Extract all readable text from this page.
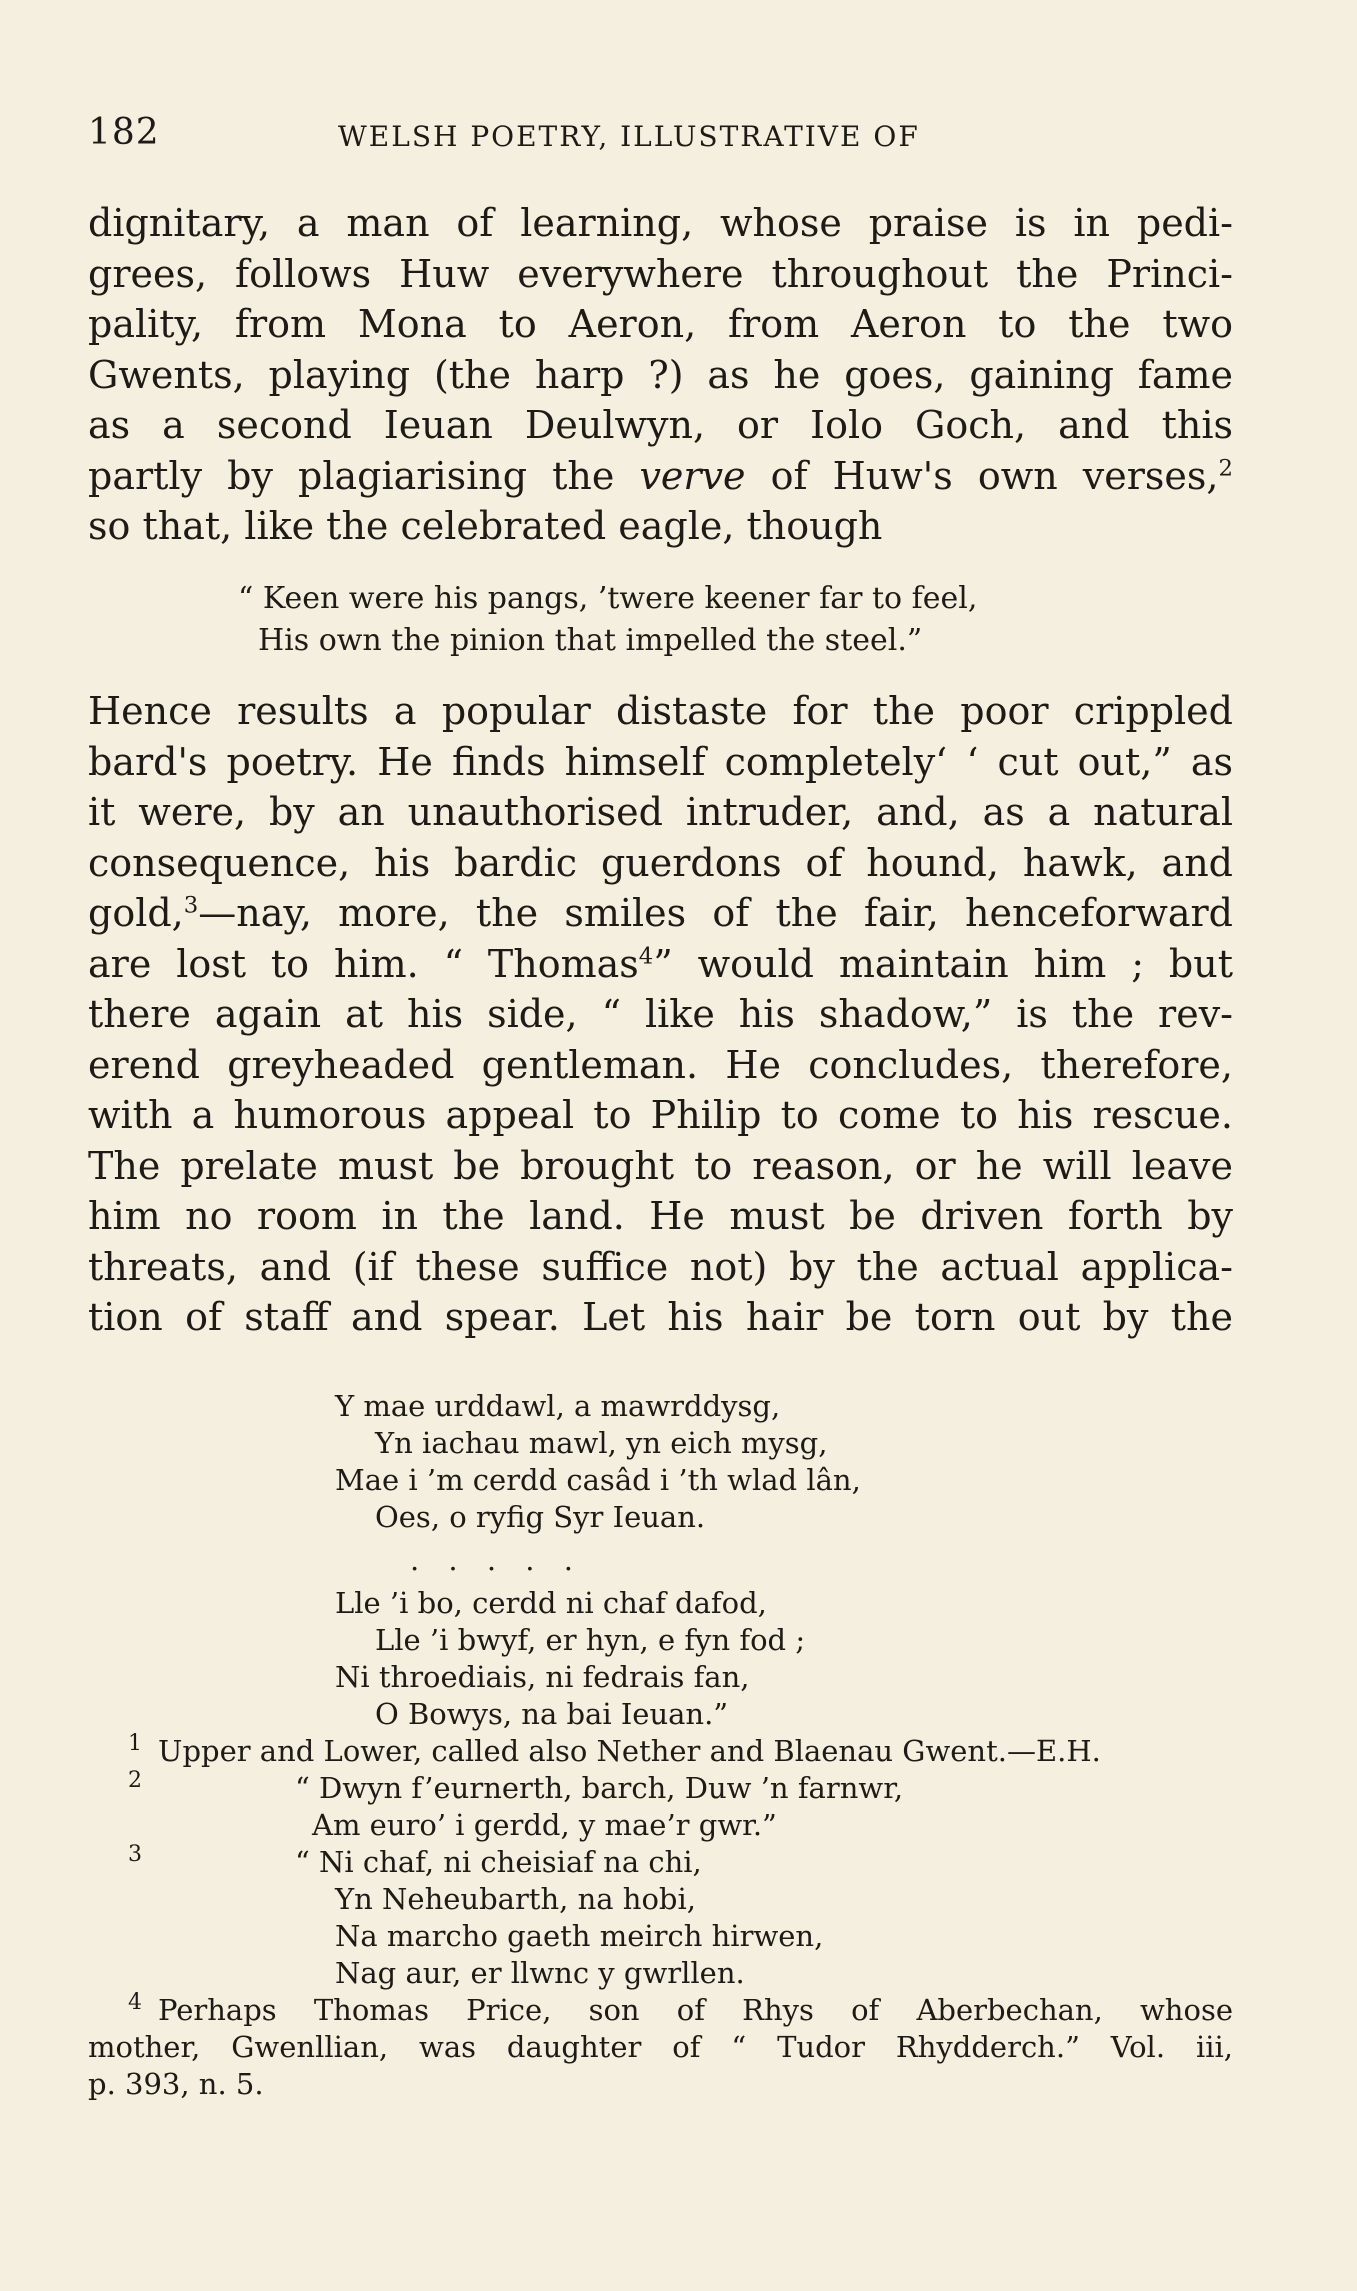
182	WELSH POETRY, ILLUSTRATIVE OF
dignitary, a man of learning, whose praise is in pedi-
grees, follows Huw everywhere throughout the Princi-
pality, from Mona to Aeron, from Aeron to the two
Gwents, playing (the harp ?) as he goes, gaining fame
as a second Ieuan Deulwyn, or Iolo Goch, and this
partly by plagiarising the verve of Huw's own verses,$^2$
so that, like the celebrated eagle, though
“ Keen were his pangs, ’twere keener far to feel,
His own the pinion that impelled the steel.”
Hence results a popular distaste for the poor crippled
bard's poetry. He finds himself completely‘ ‘ cut out,” as
it were, by an unauthorised intruder, and, as a natural
consequence, his bardic guerdons of hound, hawk, and
gold,$^3$—nay, more, the smiles of the fair, henceforward
are lost to him. “ Thomas$^4$” would maintain him ; but
there again at his side, “ like his shadow,” is the rev-
erend greyheaded gentleman. He concludes, therefore,
with a humorous appeal to Philip to come to his rescue.
The prelate must be brought to reason, or he will leave
him no room in the land. He must be driven forth by
threats, and (if these suffice not) by the actual applica-
tion of staff and spear. Let his hair be torn out by the
Y mae urddawl, a mawrddysg,
Yn iachau mawl, yn eich mysg,
Mae i ’m cerdd casâd i ’th wlad lân,
Oes, o ryfig Syr Ieuan.
. . . . .
Lle ’i bo, cerdd ni chaf dafod,
Lle ’i bwyf, er hyn, e fyn fod ;
Ni throediais, ni fedrais fan,
O Bowys, na bai Ieuan.”
1 Upper and Lower, called also Nether and Blaenau Gwent.—E.H.
2	“ Dwyn f’eurnerth, barch, Duw ’n farnwr,
Am euro’ i gerdd, y mae’r gwr.”
3	“ Ni chaf, ni cheisiaf na chi,
Yn Neheubarth, na hobi,
Na marcho gaeth meirch hirwen,
Nag aur, er llwnc y gwrllen.
4 Perhaps Thomas Price, son of Rhys of Aberbechan, whose
mother, Gwenllian, was daughter of “ Tudor Rhydderch.” Vol. iii,
p. 393, n. 5.
